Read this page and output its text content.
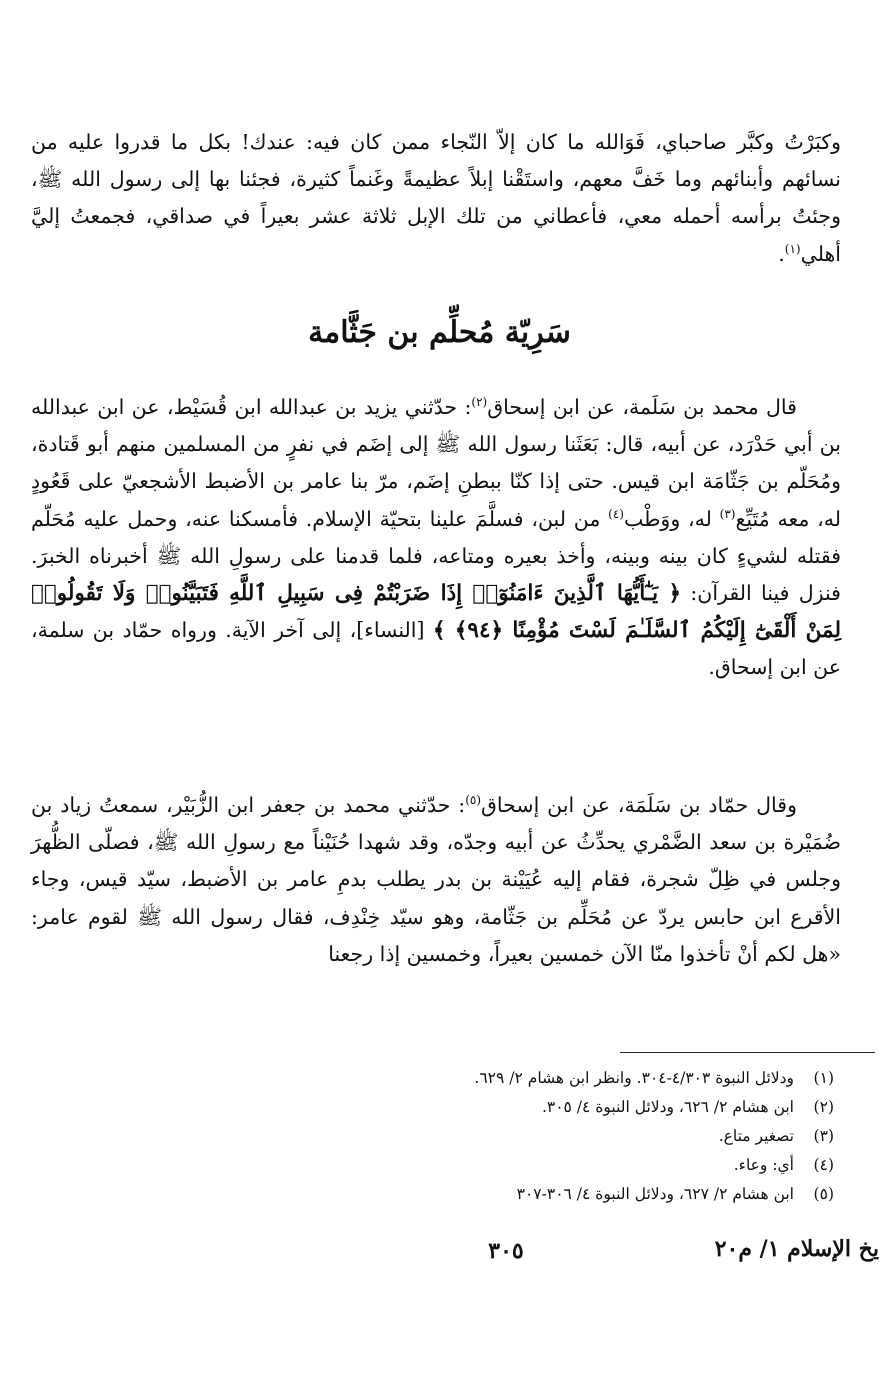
وكبَرْتُ وكبَّر صاحباي، فَوَالله ما كان إلاّ النّجاء ممن كان فيه: عندك! بكل ما قدروا عليه من نسائهم وأبنائهم وما خَفَّ معهم، واستَقْنا إبلاً عظيمةً وغَنماً كثيرة، فجئنا بها إلى رسول الله ﷺ، وجئتُ برأسه أحمله معي، فأعطاني من تلك الإبل ثلاثة عشر بعيراً في صداقي، فجمعتُ إليَّ أهلي$^{(١)}$.

سَرِيّة مُحلِّم بن جَثَّامة

قال محمد بن سَلَمة، عن ابن إسحاق$^{(٢)}$: حدّثني يزيد بن عبدالله ابن قُسَيْط، عن ابن عبدالله بن أبي حَدْرَد، عن أبيه، قال: بَعَثَنا رسول الله ﷺ إلى إضَم في نفرٍ من المسلمين منهم أبو قَتادة، ومُحَلّم بن جَثّامَة ابن قيس. حتى إذا كنّا ببطنِ إضَم، مرّ بنا عامر بن الأضبط الأشجعيّ على قَعُودٍ له، معه مُتَيِّع$^{(٣)}$ له، ووَطْب$^{(٤)}$ من لبن، فسلَّمَ علينا بتحيّة الإسلام. فأمسكنا عنه، وحمل عليه مُحَلّم فقتله لشيءٍ كان بينه وبينه، وأخذ بعيره ومتاعه، فلما قدمنا على رسولِ الله ﷺ أخبرناه الخبرَ. فنزل فينا القرآن: ﴿ يَـٰٓأَيُّهَا ٱلَّذِينَ ءَامَنُوٓا۟ إِذَا ضَرَبْتُمْ فِى سَبِيلِ ٱللَّهِ فَتَبَيَّنُوا۟ وَلَا تَقُولُوا۟ لِمَنْ أَلْقَىٰٓ إِلَيْكُمُ ٱلسَّلَـٰمَ لَسْتَ مُؤْمِنًا ﴿٩٤﴾ ﴾ [النساء]، إلى آخر الآية. ورواه حمّاد بن سلمة، عن ابن إسحاق.

وقال حمّاد بن سَلَمَة، عن ابن إسحاق$^{(٥)}$: حدّثني محمد بن جعفر ابن الزُّبَيْر، سمعتُ زياد بن ضُمَيْرة بن سعد الضَّمْري يحدِّثُ عن أبيه وجدّه، وقد شهدا حُنَيْناً مع رسولِ الله ﷺ، فصلّى الظُّهرَ وجلس في ظِلّ شجرة، فقام إليه عُيَيْنة بن بدر يطلب بدمِ عامر بن الأضبط، سيّد قيس، وجاء الأقرع ابن حابس يردّ عن مُحَلِّم بن جَثّامة، وهو سيّد خِنْدِف، فقال رسول الله ﷺ لقوم عامر: «هل لكم أنْ تأخذوا منّا الآن خمسين بعيراً، وخمسين إذا رجعنا

(١)
ودلائل النبوة ٤/٣٠٣-٣٠٤. وانظر ابن هشام ٢/ ٦٢٩.
(٢)
ابن هشام ٢/ ٦٢٦، ودلائل النبوة ٤/ ٣٠٥.
(٣)
تصغير متاع.
(٤)
أي: وعاء.
(٥)
ابن هشام ٢/ ٦٢٧، ودلائل النبوة ٤/ ٣٠٦-٣٠٧
٣٠٥	يخ الإسلام ١/ م٢٠
